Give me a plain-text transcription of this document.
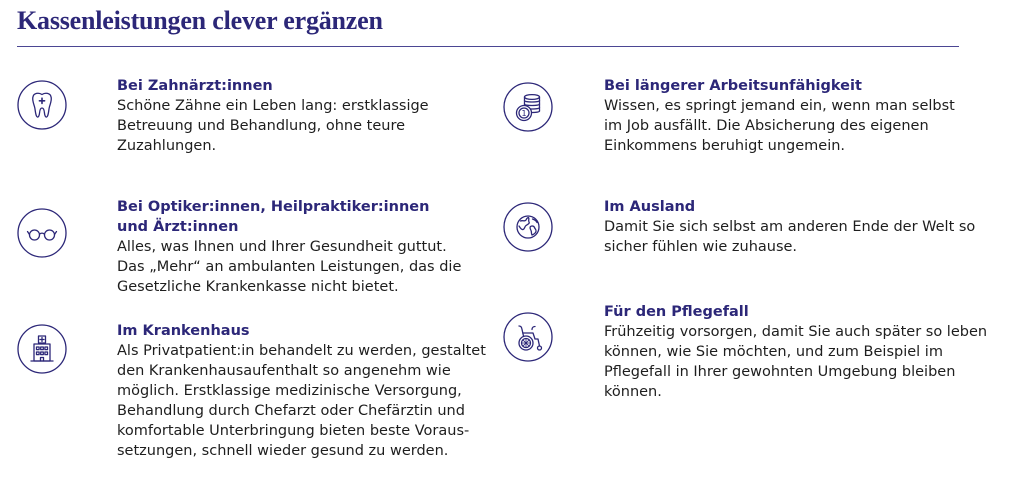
Kassenleistungen clever ergänzen
Bei Zahnärzt:innen

Schöne Zähne ein Leben lang: erstklassige

Betreuung und Behandlung, ohne teure

Zuzahlungen.

Bei Optiker:innen, Heilpraktiker:innen
und Ärzt:innen

Alles, was Ihnen und Ihrer Gesundheit guttut.

Das „Mehr“ an ambulanten Leistungen, das die

Gesetzliche Krankenkasse nicht bietet.

Im Krankenhaus

Als Privatpatient:in behandelt zu werden, gestaltet

den Krankenhausaufenthalt so angenehm wie

möglich. Erstklassige medizinische Versorgung,

Behandlung durch Chefarzt oder Chefärztin und

komfortable Unterbringung bieten beste Voraus-

setzungen, schnell wieder gesund zu werden.

1
Bei längerer Arbeitsunfähigkeit

Wissen, es springt jemand ein, wenn man selbst

im Job ausfällt. Die Absicherung des eigenen

Einkommens beruhigt ungemein.

Im Ausland

Damit Sie sich selbst am anderen Ende der Welt so

sicher fühlen wie zuhause.

Für den Pflegefall

Frühzeitig vorsorgen, damit Sie auch später so leben

können, wie Sie möchten, und zum Beispiel im

Pflegefall in Ihrer gewohnten Umgebung bleiben

können.
